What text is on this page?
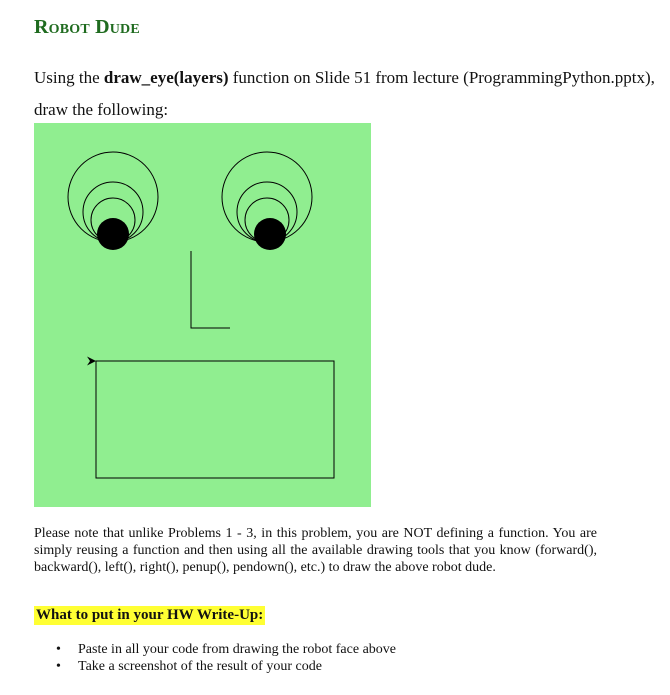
Robot Dude
Using the draw_eye(layers) function on Slide 51 from lecture (ProgrammingPython.pptx), draw the following:
Please note that unlike Problems 1 - 3, in this problem, you are NOT defining a function. You are simply reusing a function and then using all the available drawing tools that you know (forward(), backward(), left(), right(), penup(), pendown(), etc.) to draw the above robot dude.
What to put in your HW Write-Up:
• Paste in all your code from drawing the robot face above
• Take a screenshot of the result of your code
